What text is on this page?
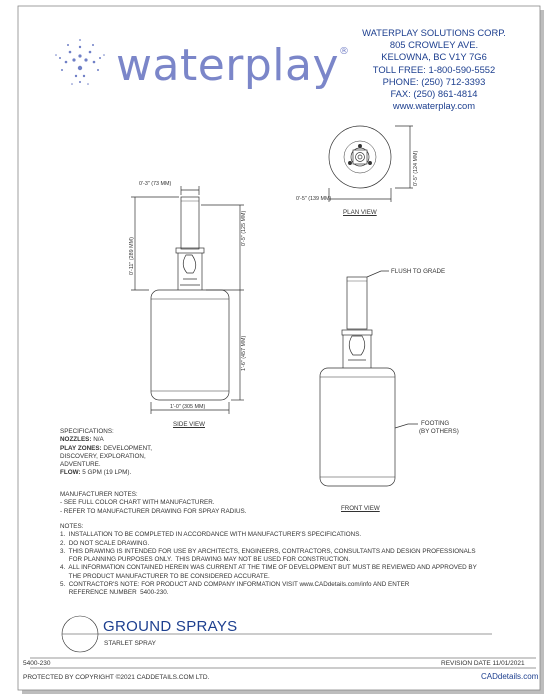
waterplay®
WATERPLAY SOLUTIONS CORP.
805 CROWLEY AVE.
KELOWNA, BC V1Y 7G6
TOLL FREE: 1-800-590-5552
PHONE: (250) 712-3393
FAX: (250) 861-4814
www.waterplay.com
0'-5" (139 MM)
PLAN VIEW
0'-5" (124 MM)
0'-3" (73 MM)
0'-11" (289 MM)
0'-5" (125 MM)
1'-6" (457 MM)
1'-0" (305 MM)
SIDE VIEW
FLUSH TO GRADE
FOOTING
(BY OTHERS)
FRONT VIEW
SPECIFICATIONS:
NOZZLES: N/A
PLAY ZONES: DEVELOPMENT,
DISCOVERY, EXPLORATION,
ADVENTURE.
FLOW: 5 GPM (19 LPM).
MANUFACTURER NOTES:
- SEE FULL COLOR CHART WITH MANUFACTURER.
- REFER TO MANUFACTURER DRAWING FOR SPRAY RADIUS.
NOTES:
1.  INSTALLATION TO BE COMPLETED IN ACCORDANCE WITH MANUFACTURER'S SPECIFICATIONS.
2.  DO NOT SCALE DRAWING.
3.  THIS DRAWING IS INTENDED FOR USE BY ARCHITECTS, ENGINEERS, CONTRACTORS, CONSULTANTS AND DESIGN PROFESSIONALS
FOR PLANNING PURPOSES ONLY.  THIS DRAWING MAY NOT BE USED FOR CONSTRUCTION.
4.  ALL INFORMATION CONTAINED HEREIN WAS CURRENT AT THE TIME OF DEVELOPMENT BUT MUST BE REVIEWED AND APPROVED BY
THE PRODUCT MANUFACTURER TO BE CONSIDERED ACCURATE.
5.  CONTRACTOR'S NOTE: FOR PRODUCT AND COMPANY INFORMATION VISIT www.CADdetails.com/info AND ENTER
REFERENCE NUMBER  5400-230.
GROUND SPRAYS
STARLET SPRAY
5400-230	REVISION DATE 11/01/2021
PROTECTED BY COPYRIGHT ©2021 CADDETAILS.COM LTD.	CADdetails.com
